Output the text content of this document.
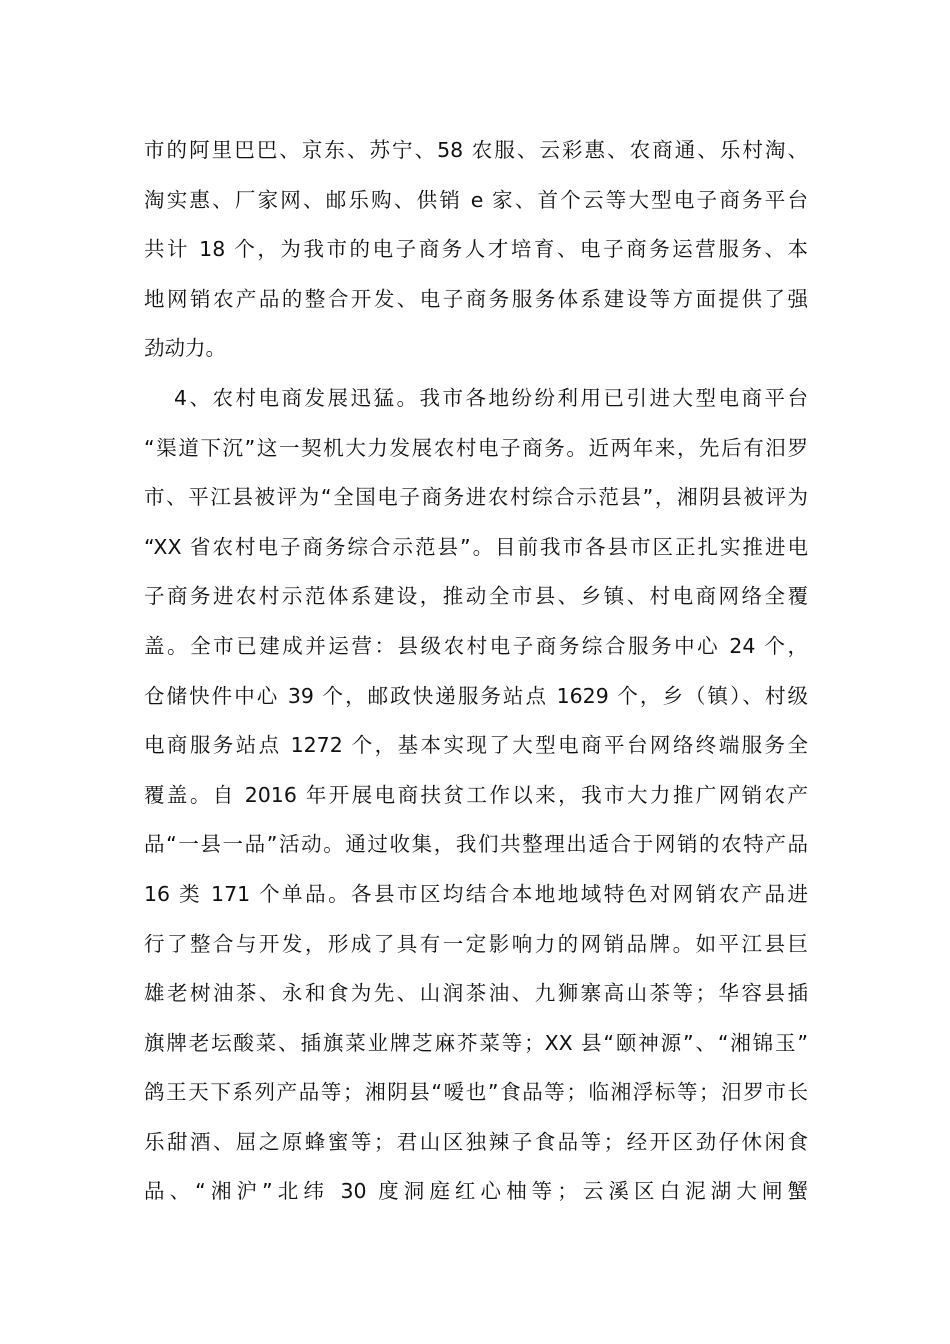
市的阿里巴巴、京东、苏宁、58 农服、云彩惠、农商通、乐村淘、
淘实惠、厂家网、邮乐购、供销 e 家、首个云等大型电子商务平台
共计 18 个，为我市的电子商务人才培育、电子商务运营服务、本
地网销农产品的整合开发、电子商务服务体系建设等方面提供了强
劲动力。
4、农村电商发展迅猛。我市各地纷纷利用已引进大型电商平台
“渠道下沉”这一契机大力发展农村电子商务。近两年来，先后有汨罗
市、平江县被评为“全国电子商务进农村综合示范县”，湘阴县被评为
“XX 省农村电子商务综合示范县”。目前我市各县市区正扎实推进电
子商务进农村示范体系建设，推动全市县、乡镇、村电商网络全覆
盖。全市已建成并运营：县级农村电子商务综合服务中心 24 个，
仓储快件中心 39 个，邮政快递服务站点 1629 个，乡（镇）、村级
电商服务站点 1272 个，基本实现了大型电商平台网络终端服务全
覆盖。自 2016 年开展电商扶贫工作以来，我市大力推广网销农产
品“一县一品”活动。通过收集，我们共整理出适合于网销的农特产品
16 类 171 个单品。各县市区均结合本地地域特色对网销农产品进
行了整合与开发，形成了具有一定影响力的网销品牌。如平江县巨
雄老树油茶、永和食为先、山润茶油、九狮寨高山茶等；华容县插
旗牌老坛酸菜、插旗菜业牌芝麻芥菜等；XX 县“颐神源”、“湘锦玉”
鸽王天下系列产品等；湘阴县“嗳也”食品等；临湘浮标等；汨罗市长
乐甜酒、屈之原蜂蜜等；君山区独辣子食品等；经开区劲仔休闲食
品、“湘沪”北纬 30 度洞庭红心柚等；云溪区白泥湖大闸蟹
